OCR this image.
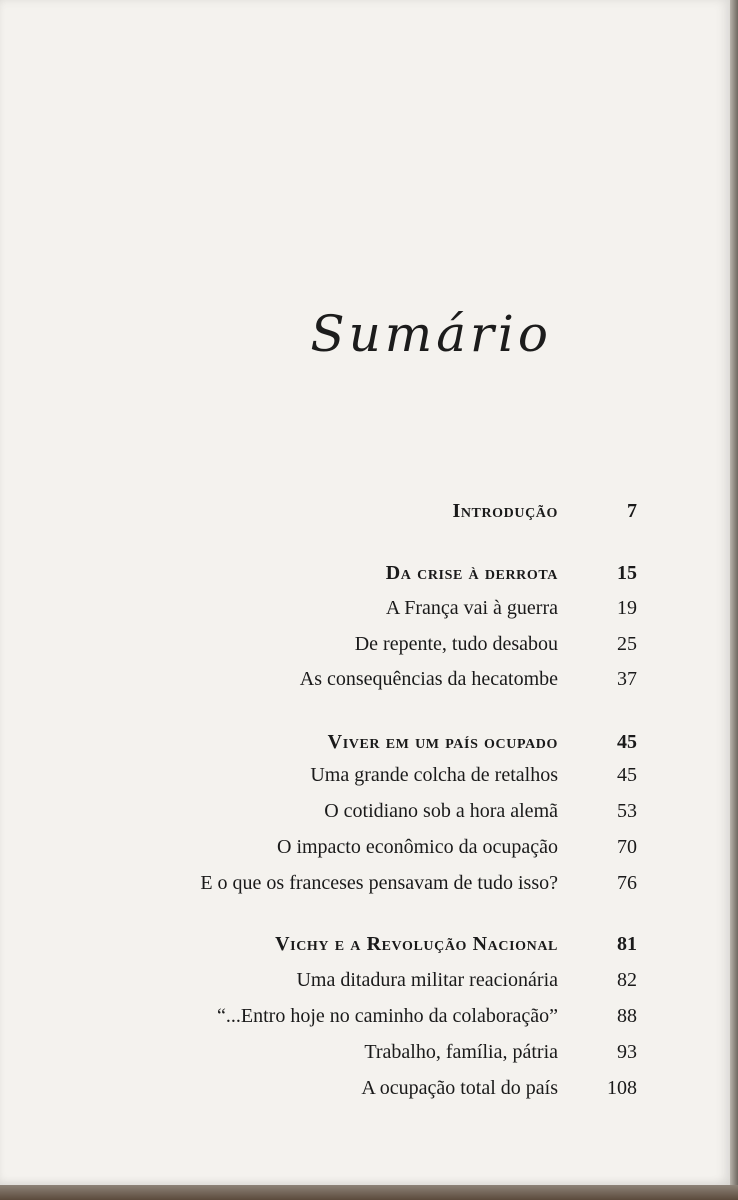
Sumário
Introdução	7
Da crise à derrota	15
A França vai à guerra	19
De repente, tudo desabou	25
As consequências da hecatombe	37
Viver em um país ocupado	45
Uma grande colcha de retalhos	45
O cotidiano sob a hora alemã	53
O impacto econômico da ocupação	70
E o que os franceses pensavam de tudo isso?	76
Vichy e a Revolução Nacional	81
Uma ditadura militar reacionária	82
“...Entro hoje no caminho da colaboração”	88
Trabalho, família, pátria	93
A ocupação total do país 108
